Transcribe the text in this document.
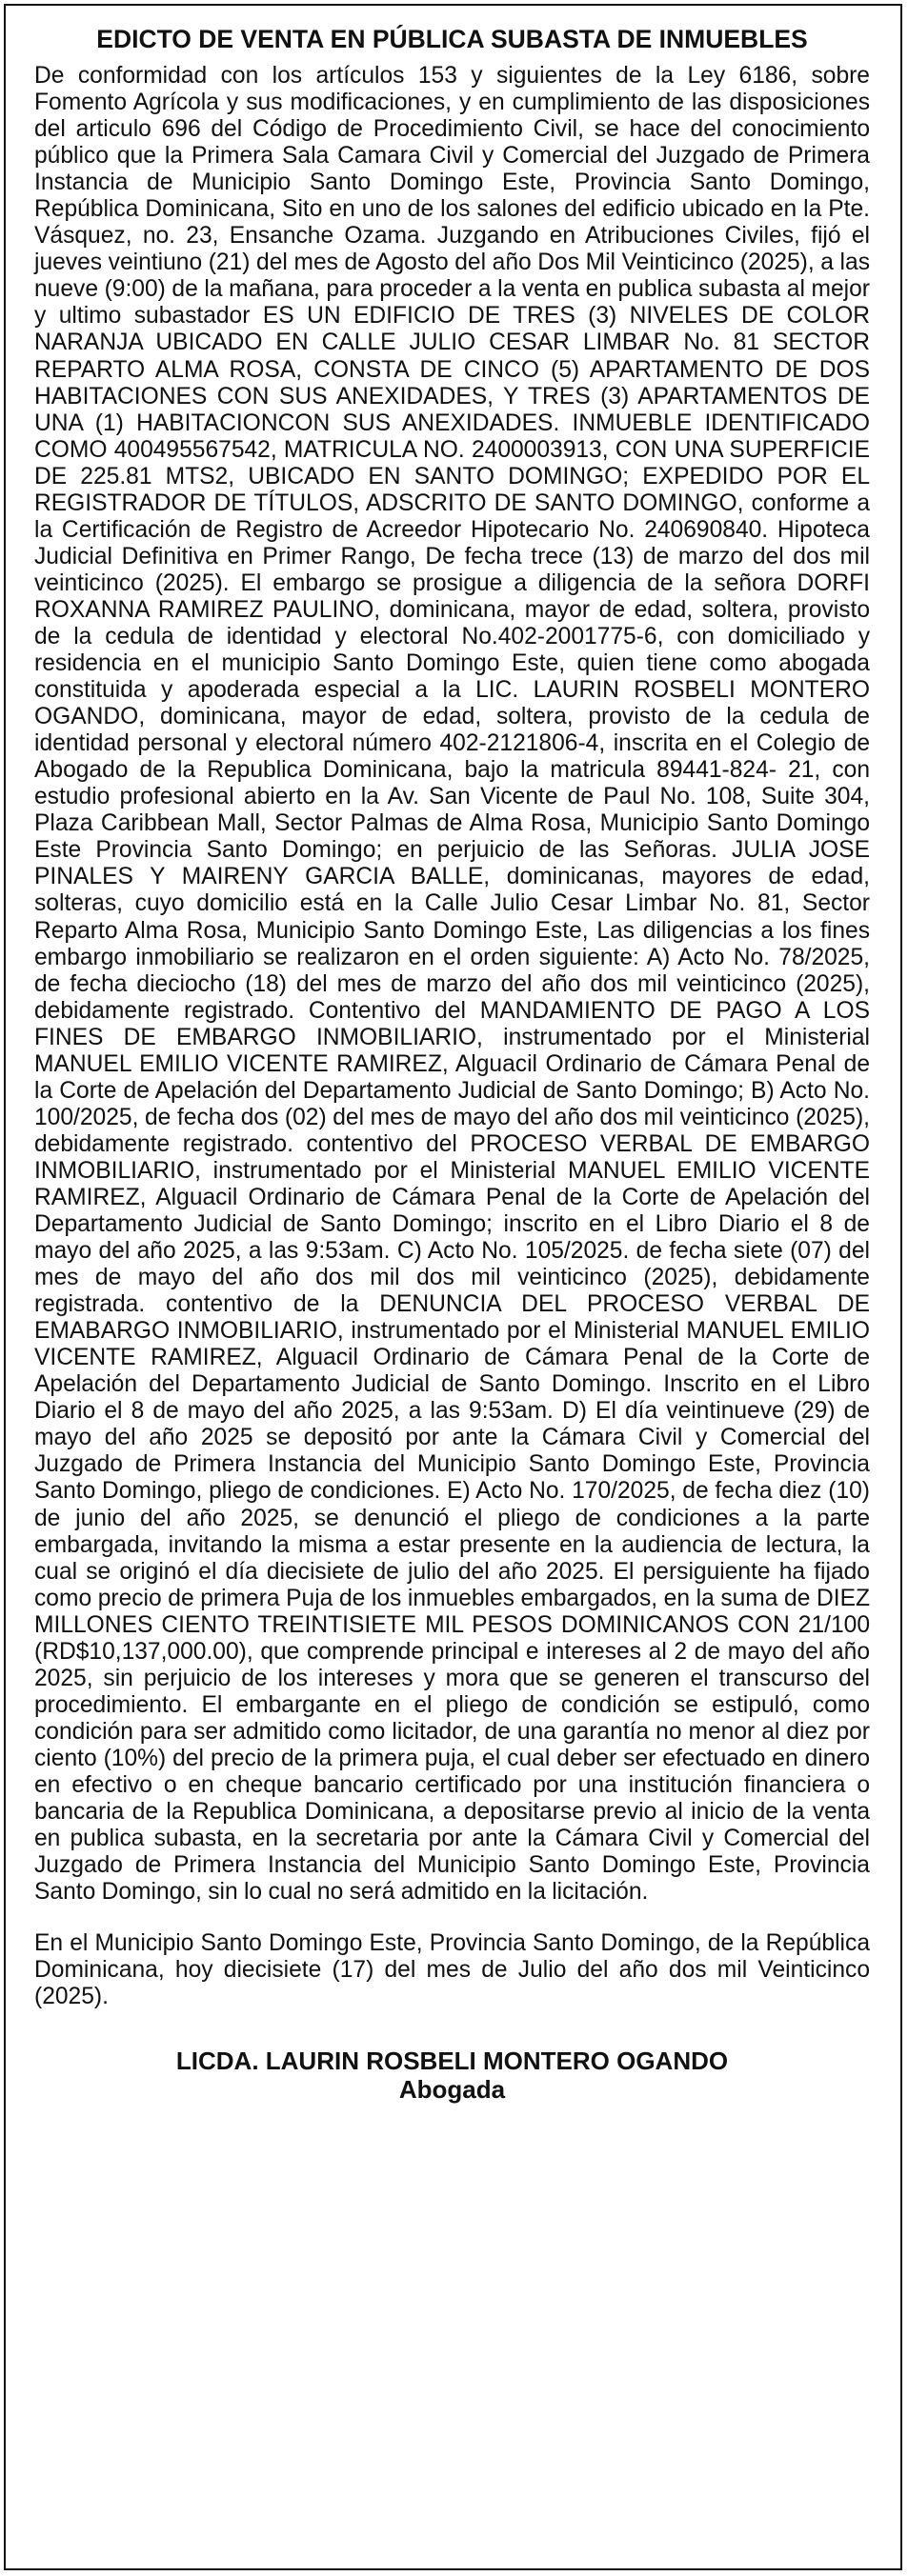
EDICTO DE VENTA EN PÚBLICA SUBASTA DE INMUEBLES

De conformidad con los artículos 153 y siguientes de la Ley 6186, sobre Fomento Agrícola y sus modificaciones, y en cumplimiento de las disposiciones del articulo 696 del Código de Procedimiento Civil, se hace del conocimiento público que la Primera Sala Camara Civil y Comercial del Juzgado de Primera Instancia de Municipio Santo Domingo Este, Provincia Santo Domingo, República Dominicana, Sito en uno de los salones del edificio ubicado en la Pte. Vásquez, no. 23, Ensanche Ozama. Juzgando en Atribuciones Civiles, fijó el jueves veintiuno (21) del mes de Agosto del año Dos Mil Veinticinco (2025), a las nueve (9:00) de la mañana, para proceder a la venta en publica subasta al mejor y ultimo subastador ES UN EDIFICIO DE TRES (3) NIVELES DE COLOR NARANJA UBICADO EN CALLE JULIO CESAR LIMBAR No. 81 SECTOR REPARTO ALMA ROSA, CONSTA DE CINCO (5) APARTAMENTO DE DOS HABITACIONES CON SUS ANEXIDADES, Y TRES (3) APARTAMENTOS DE UNA (1) HABITACIONCON SUS ANEXIDADES. INMUEBLE IDENTIFICADO COMO 400495567542, MATRICULA NO. 2400003913, CON UNA SUPERFICIE DE 225.81 MTS2, UBICADO EN SANTO DOMINGO; EXPEDIDO POR EL REGISTRADOR DE TÍTULOS, ADSCRITO DE SANTO DOMINGO, conforme a la Certificación de Registro de Acreedor Hipotecario No. 240690840. Hipoteca Judicial Definitiva en Primer Rango, De fecha trece (13) de marzo del dos mil veinticinco (2025). El embargo se prosigue a diligencia de la señora DORFI ROXANNA RAMIREZ PAULINO, dominicana, mayor de edad, soltera, provisto de la cedula de identidad y electoral No.402-2001775-6, con domiciliado y residencia en el municipio Santo Domingo Este, quien tiene como abogada constituida y apoderada especial a la LIC. LAURIN ROSBELI MONTERO OGANDO, dominicana, mayor de edad, soltera, provisto de la cedula de identidad personal y electoral número 402-2121806-4, inscrita en el Colegio de Abogado de la Republica Dominicana, bajo la matricula 89441-824- 21, con estudio profesional abierto en la Av. San Vicente de Paul No. 108, Suite 304, Plaza Caribbean Mall, Sector Palmas de Alma Rosa, Municipio Santo Domingo Este Provincia Santo Domingo; en perjuicio de las Señoras. JULIA JOSE PINALES Y MAIRENY GARCIA BALLE, dominicanas, mayores de edad, solteras, cuyo domicilio está en la Calle Julio Cesar Limbar No. 81, Sector Reparto Alma Rosa, Municipio Santo Domingo Este, Las diligencias a los fines embargo inmobiliario se realizaron en el orden siguiente: A) Acto No. 78/2025, de fecha dieciocho (18) del mes de marzo del año dos mil veinticinco (2025), debidamente registrado. Contentivo del MANDAMIENTO DE PAGO A LOS FINES DE EMBARGO INMOBILIARIO, instrumentado por el Ministerial MANUEL EMILIO VICENTE RAMIREZ, Alguacil Ordinario de Cámara Penal de la Corte de Apelación del Departamento Judicial de Santo Domingo; B) Acto No. 100/2025, de fecha dos (02) del mes de mayo del año dos mil veinticinco (2025), debidamente registrado. contentivo del PROCESO VERBAL DE EMBARGO INMOBILIARIO, instrumentado por el Ministerial MANUEL EMILIO VICENTE RAMIREZ, Alguacil Ordinario de Cámara Penal de la Corte de Apelación del Departamento Judicial de Santo Domingo; inscrito en el Libro Diario el 8 de mayo del año 2025, a las 9:53am. C) Acto No. 105/2025. de fecha siete (07) del mes de mayo del año dos mil dos mil veinticinco (2025), debidamente registrada. contentivo de la DENUNCIA DEL PROCESO VERBAL DE EMABARGO INMOBILIARIO, instrumentado por el Ministerial MANUEL EMILIO VICENTE RAMIREZ, Alguacil Ordinario de Cámara Penal de la Corte de Apelación del Departamento Judicial de Santo Domingo. Inscrito en el Libro Diario el 8 de mayo del año 2025, a las 9:53am. D) El día veintinueve (29) de mayo del año 2025 se depositó por ante la Cámara Civil y Comercial del Juzgado de Primera Instancia del Municipio Santo Domingo Este, Provincia Santo Domingo, pliego de condiciones. E) Acto No. 170/2025, de fecha diez (10) de junio del año 2025, se denunció el pliego de condiciones a la parte embargada, invitando la misma a estar presente en la audiencia de lectura, la cual se originó el día diecisiete de julio del año 2025. El persiguiente ha fijado como precio de primera Puja de los inmuebles embargados, en la suma de DIEZ MILLONES CIENTO TREINTISIETE MIL PESOS DOMINICANOS CON 21/100 (RD$10,137,000.00), que comprende principal e intereses al 2 de mayo del año 2025, sin perjuicio de los intereses y mora que se generen el transcurso del procedimiento. El embargante en el pliego de condición se estipuló, como condición para ser admitido como licitador, de una garantía no menor al diez por ciento (10%) del precio de la primera puja, el cual deber ser efectuado en dinero en efectivo o en cheque bancario certificado por una institución financiera o bancaria de la Republica Dominicana, a depositarse previo al inicio de la venta en publica subasta, en la secretaria por ante la Cámara Civil y Comercial del Juzgado de Primera Instancia del Municipio Santo Domingo Este, Provincia Santo Domingo, sin lo cual no será admitido en la licitación.

En el Municipio Santo Domingo Este, Provincia Santo Domingo, de la República Dominicana, hoy diecisiete (17) del mes de Julio del año dos mil Veinticinco (2025).

LICDA. LAURIN ROSBELI MONTERO OGANDO
Abogada
